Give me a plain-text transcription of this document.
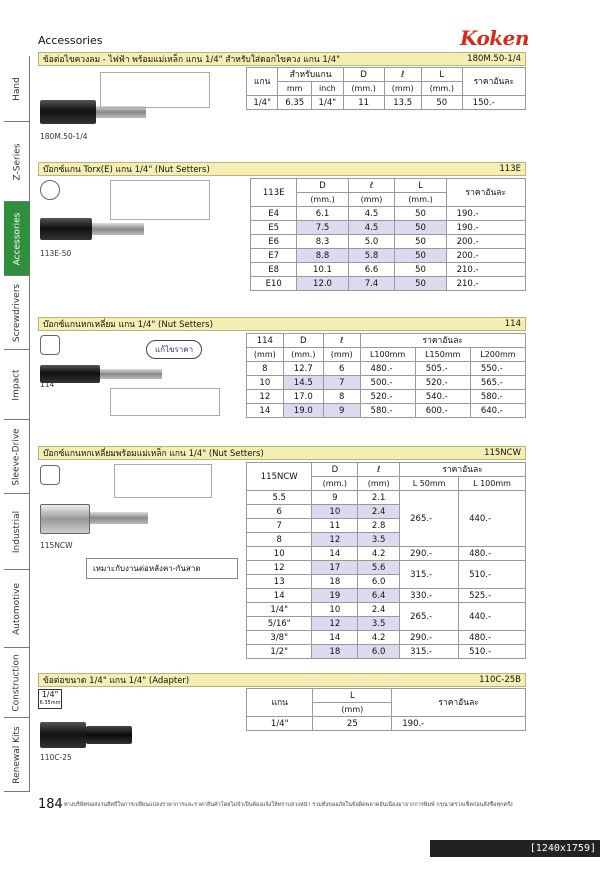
Accessories	Koken
Hand
Z-Series
Accessories
Screwdrivers
Impact
Sleeve-Drive
Industrial
Automotive
Construction
Renewal Kits
ข้อต่อไขควงลม - ไฟฟ้า พร้อมแม่เหล็ก แกน 1/4" สำหรับใส่ดอกไขควง แกน 1/4"	180M.50-1/4
180M.50-1/4
แกน	สำหรับแกน		D	ℓ	L	ราคาอันละ
	mm	inch	(mm.)	(mm)	(mm.)	
1/4"	6.35	1/4"	11	13.5	50	150.-
บ๊อกซ์แกน Torx(E) แกน 1/4" (Nut Setters)	113E
113E-50
113E	D	ℓ	L	ราคาอันละ
	(mm.)	(mm)	(mm.)	
E4	6.1	4.5	50	190.-
E5	7.5	4.5	50	190.-
E6	8.3	5.0	50	200.-
E7	8.8	5.8	50	200.-
E8	10.1	6.6	50	210.-
E10	12.0	7.4	50	210.-
บ๊อกซ์แกนหกเหลี่ยม แกน 1/4" (Nut Setters)	114
แก้ไขราคา
114
114	D	ℓ	ราคาอันละ		
(mm)	(mm.)	(mm)	L100mm	L150mm	L200mm
8	12.7	6	480.-	505.-	550.-
10	14.5	7	500.-	520.-	565.-
12	17.0	8	520.-	540.-	580.-
14	19.0	9	580.-	600.-	640.-
บ๊อกซ์แกนหกเหลี่ยมพร้อมแม่เหล็ก แกน 1/4" (Nut Setters)	115NCW
115NCW
เหมาะกับงานต่อหลังคา-กันสาด
115NCW	D	ℓ	ราคาอันละ	
	(mm.)	(mm)	L 50mm	L 100mm
5.5	9	2.1	265.-	440.-
6	10	2.4		
7	11	2.8		
8	12	3.5		
10	14	4.2	290.-	480.-
12	17	5.6	315.-	510.-
13	18	6.0		
14	19	6.4	330.-	525.-
1/4"	10	2.4	265.-	440.-
5/16"	12	3.5		
3/8"	14	4.2	290.-	480.-
1/2"	18	6.0	315.-	510.-
ข้อต่อขนาด 1/4" แกน 1/4" (Adapter)	110C-25B
1/4"
6.35mm
110C-25
แกน	L	ราคาอันละ
	(mm)	
1/4"	25	190.-
184 ทางบริษัทขอสงวนสิทธิ์ในการเปลี่ยนแปลงราคาการและราคาสินค้าโดยไม่จำเป็นต้องแจ้งให้ทราบล่วงหน้า รวมทั้งขออภัยในข้อผิดพลาดอันเนื่องมาจากการพิมพ์ กรุณาตรวจเช็คก่อนสั่งซื้อทุกครั้ง
[1240x1759] https://upic.me/
